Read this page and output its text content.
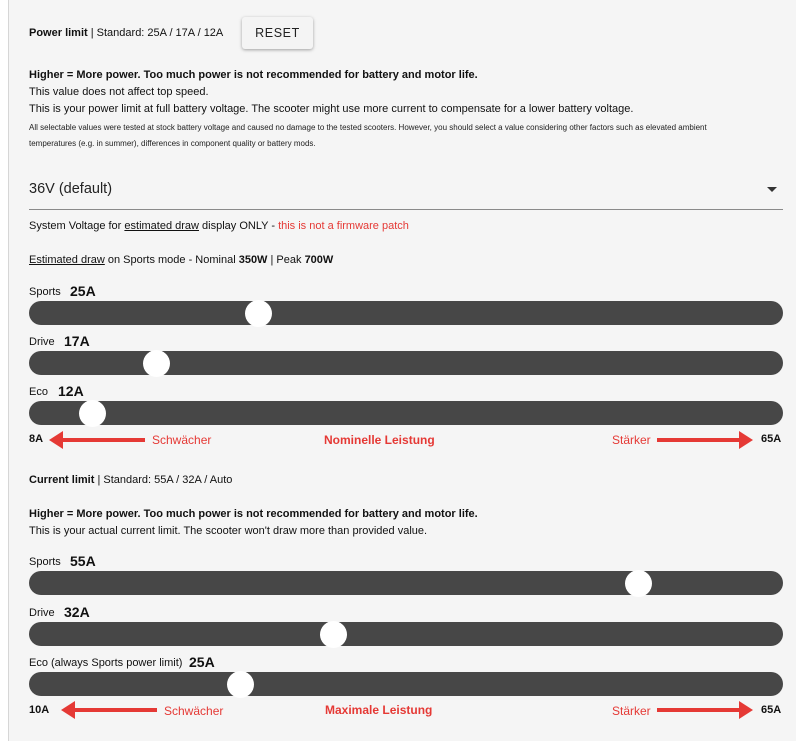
Power limit | Standard: 25A / 17A / 12A	RESET
Higher = More power. Too much power is not recommended for battery and motor life.
This value does not affect top speed.
This is your power limit at full battery voltage. The scooter might use more current to compensate for a lower battery voltage.
All selectable values were tested at stock battery voltage and caused no damage to the tested scooters. However, you should select a value considering other factors such as elevated ambient
temperatures (e.g. in summer), differences in component quality or battery mods.
36V (default)
System Voltage for estimated draw display ONLY - this is not a firmware patch
Estimated draw on Sports mode - Nominal 350W | Peak 700W
Sports 25A
Drive 17A
Eco 12A
8A	Schwächer	Nominelle Leistung	Stärker	65A
Current limit | Standard: 55A / 32A / Auto
Higher = More power. Too much power is not recommended for battery and motor life.
This is your actual current limit. The scooter won't draw more than provided value.
Sports 55A
Drive 32A
Eco (always Sports power limit) 25A
10A	Schwächer	Maximale Leistung	Stärker	65A
